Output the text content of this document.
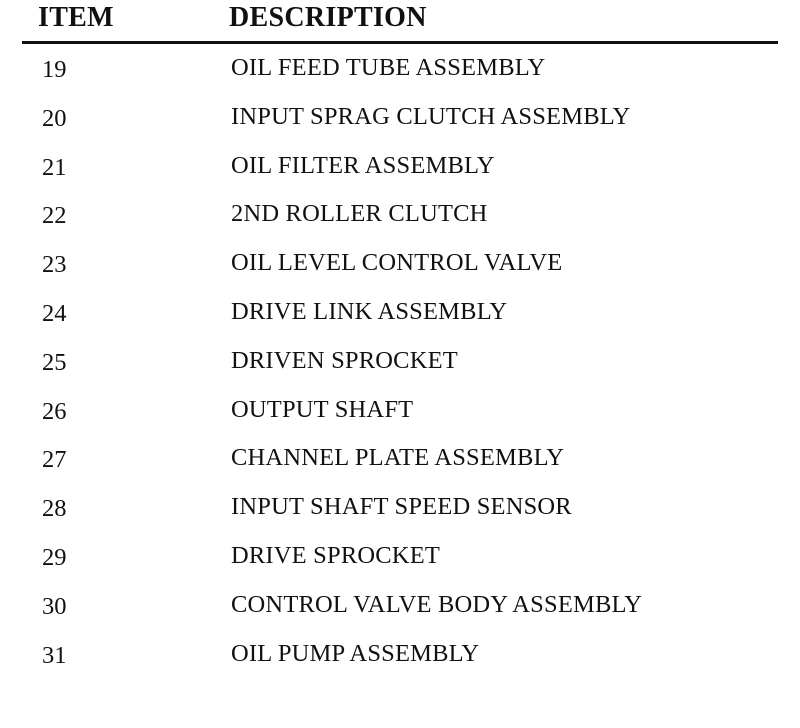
ITEM	DESCRIPTION
19	OIL FEED TUBE ASSEMBLY
20	INPUT SPRAG CLUTCH ASSEMBLY
21	OIL FILTER ASSEMBLY
22	2ND ROLLER CLUTCH
23	OIL LEVEL CONTROL VALVE
24	DRIVE LINK ASSEMBLY
25	DRIVEN SPROCKET
26	OUTPUT SHAFT
27	CHANNEL PLATE ASSEMBLY
28	INPUT SHAFT SPEED SENSOR
29	DRIVE SPROCKET
30	CONTROL VALVE BODY ASSEMBLY
31	OIL PUMP ASSEMBLY
